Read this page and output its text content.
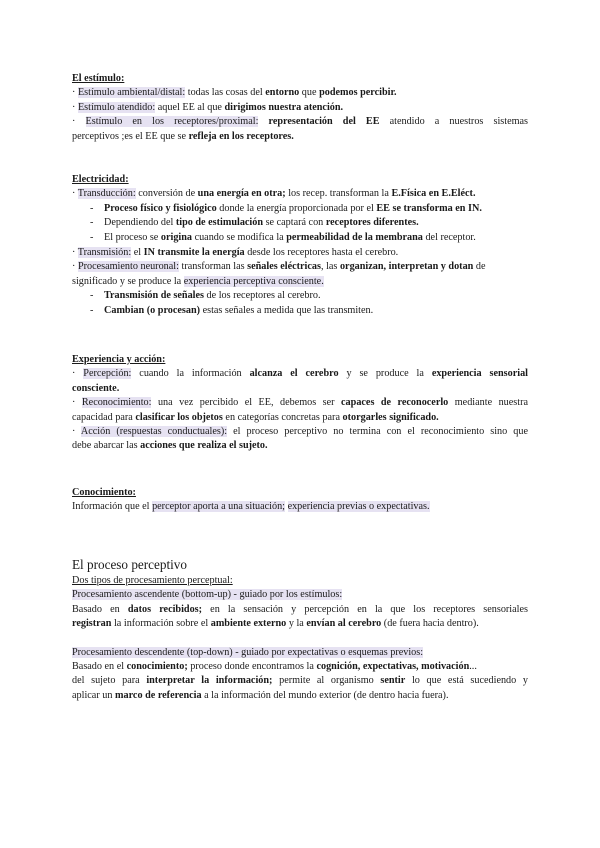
El estímulo:
· Estímulo ambiental/distal: todas las cosas del entorno que podemos percibir.
· Estímulo atendido: aquel EE al que dirigimos nuestra atención.
· Estímulo en los receptores/proximal: representación del EE atendido a nuestros sistemas
perceptivos ;es el EE que se refleja en los receptores.
Electricidad:
· Transducción: conversión de una energía en otra; los recep. transforman la E.Física en E.Eléct.
- Proceso físico y fisiológico donde la energía proporcionada por el EE se transforma en IN.
- Dependiendo del tipo de estimulación se captará con receptores diferentes.
- El proceso se origina cuando se modifica la permeabilidad de la membrana del receptor.
· Transmisión: el IN transmite la energía desde los receptores hasta el cerebro.
· Procesamiento neuronal: transforman las señales eléctricas, las organizan, interpretan y dotan de
significado y se produce la experiencia perceptiva consciente.
- Transmisión de señales de los receptores al cerebro.
- Cambian (o procesan) estas señales a medida que las transmiten.
Experiencia y acción:
· Percepción: cuando la información alcanza el cerebro y se produce la experiencia sensorial
consciente.
· Reconocimiento: una vez percibido el EE, debemos ser capaces de reconocerlo mediante nuestra
capacidad para clasificar los objetos en categorías concretas para otorgarles significado.
· Acción (respuestas conductuales): el proceso perceptivo no termina con el reconocimiento sino que
debe abarcar las acciones que realiza el sujeto.
Conocimiento:
Información que el perceptor aporta a una situación; experiencia previas o expectativas.
El proceso perceptivo
Dos tipos de procesamiento perceptual:
Procesamiento ascendente (bottom-up) - guiado por los estímulos:
Basado en datos recibidos; en la sensación y percepción en la que los receptores sensoriales
registran la información sobre el ambiente externo y la envían al cerebro (de fuera hacia dentro).
Procesamiento descendente (top-down) - guiado por expectativas o esquemas previos:
Basado en el conocimiento; proceso donde encontramos la cognición, expectativas, motivación...
del sujeto para interpretar la información; permite al organismo sentir lo que está sucediendo y
aplicar un marco de referencia a la información del mundo exterior (de dentro hacia fuera).
